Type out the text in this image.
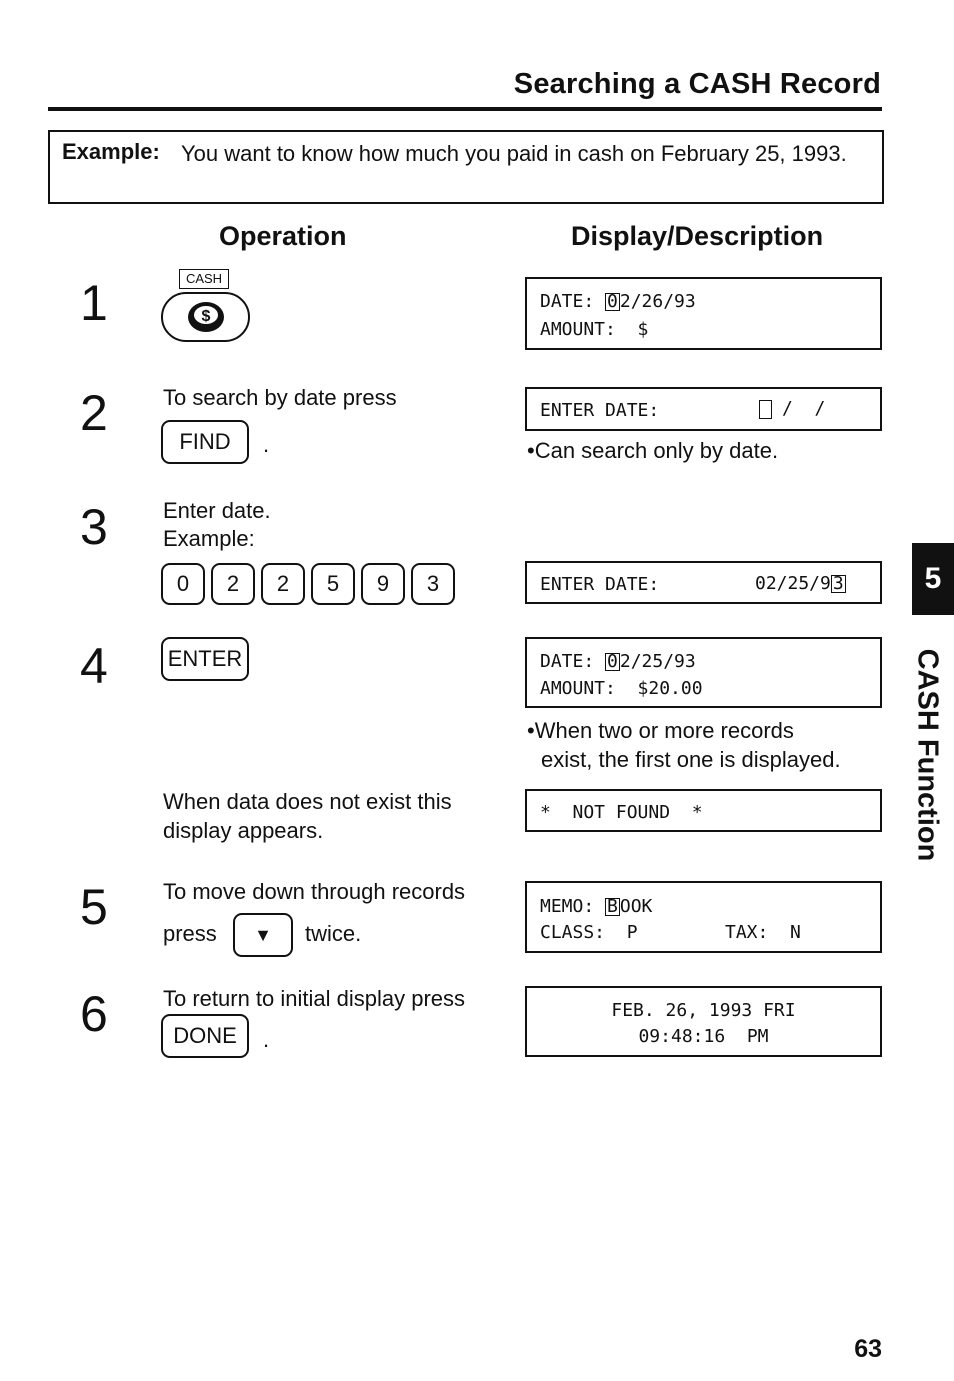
Searching a CASH Record
Example: You want to know how much you paid in cash on February 25, 1993.
Operation	Display/Description
1	CASH
$
DATE: 0 2/26/93
AMOUNT:  $
2	To search by date press
FIND	.
ENTER DATE:	/  /
•Can search only by date.
3	Enter date.
Example:
0	2	2	5	9	3	ENTER DATE:	02/25/9 3	5
CASH Function
4	ENTER	DATE: 0 2/25/93
AMOUNT:  $20.00
•When two or more records
exist, the first one is displayed.
When data does not exist this display appears.
*  NOT FOUND  *
5	To move down through records
press	▼	twice.
MEMO: B OOK
CLASS:  P	TAX:  N
6	To return to initial display press
DONE	.
FEB. 26, 1993 FRI
09:48:16  PM
63
